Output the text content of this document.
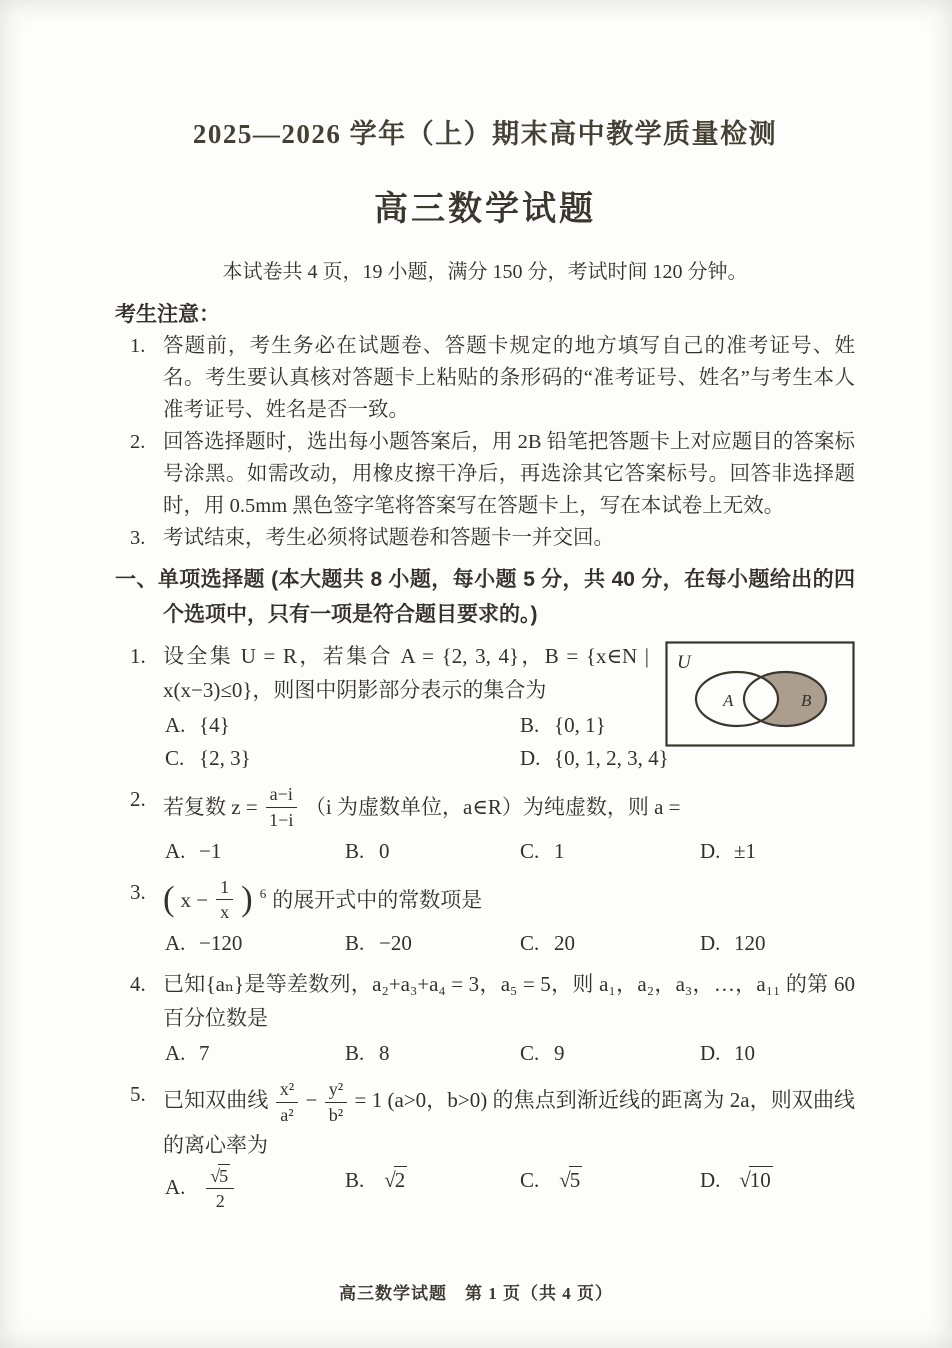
2025—2026 学年（上）期末高中教学质量检测
高三数学试题
本试卷共 4 页，19 小题，满分 150 分，考试时间 120 分钟。
考生注意：
1. 答题前，考生务必在试题卷、答题卡规定的地方填写自己的准考证号、姓名。考生要认真核对答题卡上粘贴的条形码的“准考证号、姓名”与考生本人准考证号、姓名是否一致。
2. 回答选择题时，选出每小题答案后，用 2B 铅笔把答题卡上对应题目的答案标号涂黑。如需改动，用橡皮擦干净后，再选涂其它答案标号。回答非选择题时，用 0.5mm 黑色签字笔将答案写在答题卡上，写在本试卷上无效。
3. 考试结束，考生必须将试题卷和答题卡一并交回。
一、单项选择题 (本大题共 8 小题，每小题 5 分，共 40 分，在每小题给出的四个选项中，只有一项是符合题目要求的。)
1.	U
A	B
设全集 U = R，若集合 A = {2, 3, 4}，B = {x∈N | x(x−3)≤0}，则图中阴影部分表示的集合为
A. {4}	B. {0, 1}
C. {2, 3}	D. {0, 1, 2, 3, 4}
2. 若复数 $z = \frac{a-i}{1-i} (i$ 为虚数单位，a∈R）为纯虚数，则 a =
A. −1	B. 0	C. 1	D. ±1
3. ( $x - \frac{1}{x}$ ) 6 的展开式中的常数项是
A. −120	B. −20	C. 20	D. 120
4. 已知{aₙ}是等差数列，a₂+a₃+a₄ = 3，a₅ = 5，则 a₁，a₂，a₃，…，a₁₁ 的第 60 百分位数是
A. 7	B. 8	C. 9	D. 10
5. 已知双曲线 $\frac{\text{x²}}{\text{a²}} - \frac{\text{y²}}{\text{b²}} = 1$ (a>0，b>0) 的焦点到渐近线的距离为 2a，则双曲线的离心率为
A. $\frac{√5}{2}$	B. √2	C. √5	D. √10
高三数学试题　第 1 页（共 4 页）
